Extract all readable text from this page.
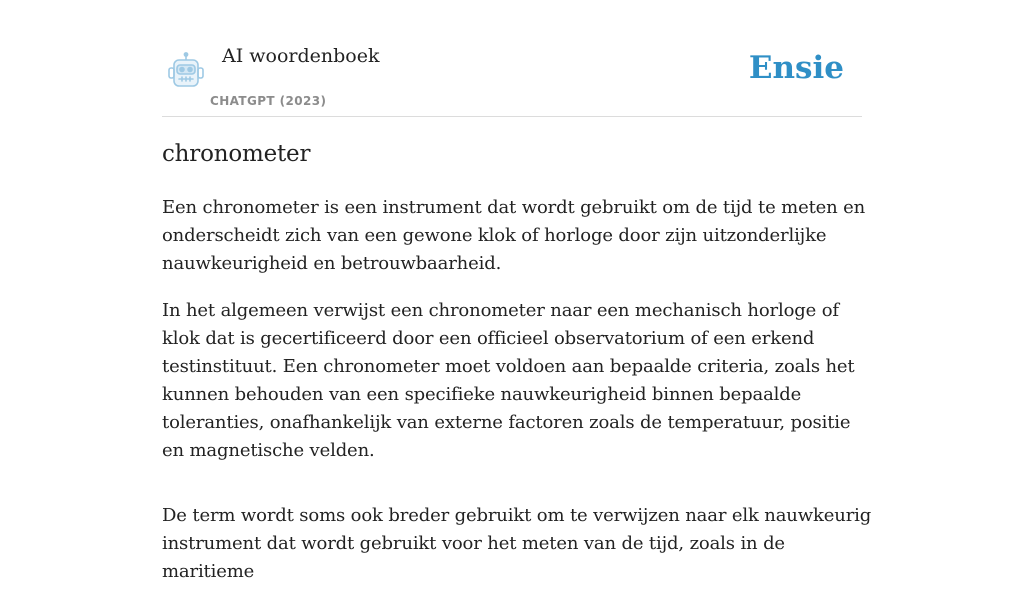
AI woordenboek
CHATGPT (2023)
Ensie
chronometer

Een chronometer is een instrument dat wordt gebruikt om de tijd te meten en onderscheidt zich van een gewone klok of horloge door zijn uitzonderlijke nauwkeurigheid en betrouwbaarheid.

In het algemeen verwijst een chronometer naar een mechanisch horloge of klok dat is gecertificeerd door een officieel observatorium of een erkend testinstituut. Een chronometer moet voldoen aan bepaalde criteria, zoals het kunnen behouden van een specifieke nauwkeurigheid binnen bepaalde toleranties, onafhankelijk van externe factoren zoals de temperatuur, positie en magnetische velden.

De term wordt soms ook breder gebruikt om te verwijzen naar elk nauwkeurig instrument dat wordt gebruikt voor het meten van de tijd, zoals in de maritieme
